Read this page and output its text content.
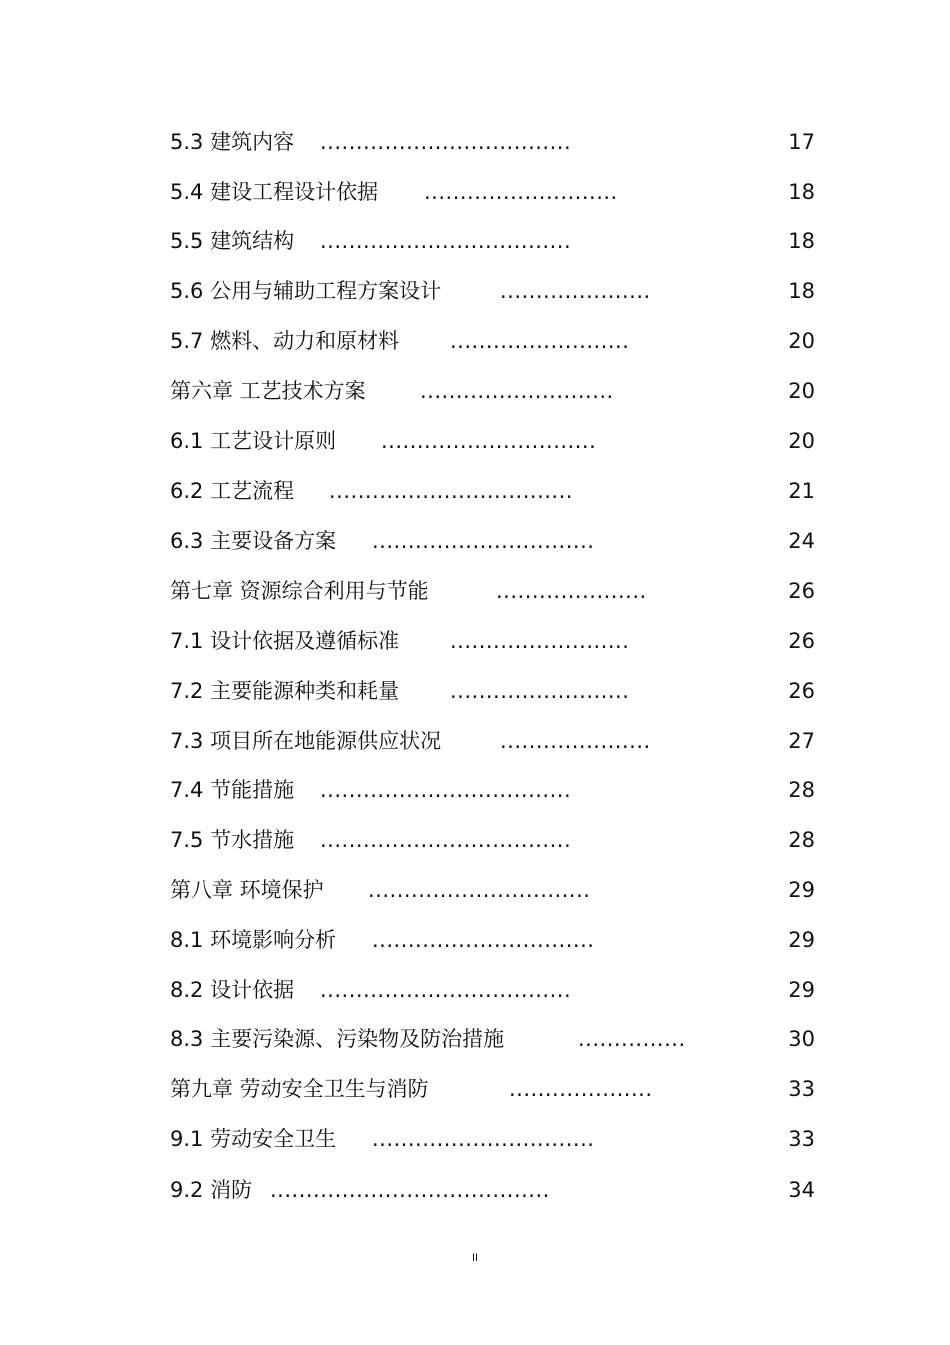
5.3 建筑内容 ...................................	17
5.4 建设工程设计依据 ...........................	18
5.5 建筑结构 ...................................	18
5.6 公用与辅助工程方案设计	.....................	18
5.7 燃料、动力和原材料 .........................	20
第六章 工艺技术方案	...........................	20
6.1 工艺设计原则 ..............................	20
6.2 工艺流程 ..................................	21
6.3 主要设备方案 ...............................	24
第七章 资源综合利用与节能	.....................	26
7.1 设计依据及遵循标准 .........................	26
7.2 主要能源种类和耗量 .........................	26
7.3 项目所在地能源供应状况	.....................	27
7.4 节能措施 ...................................	28
7.5 节水措施 ...................................	28
第八章 环境保护 ...............................	29
8.1 环境影响分析 ...............................	29
8.2 设计依据 ...................................	29
8.3 主要污染源、污染物及防治措施	...............	30
第九章 劳动安全卫生与消防	....................	33
9.1 劳动安全卫生 ...............................	33
9.2 消防 .......................................	34
II
